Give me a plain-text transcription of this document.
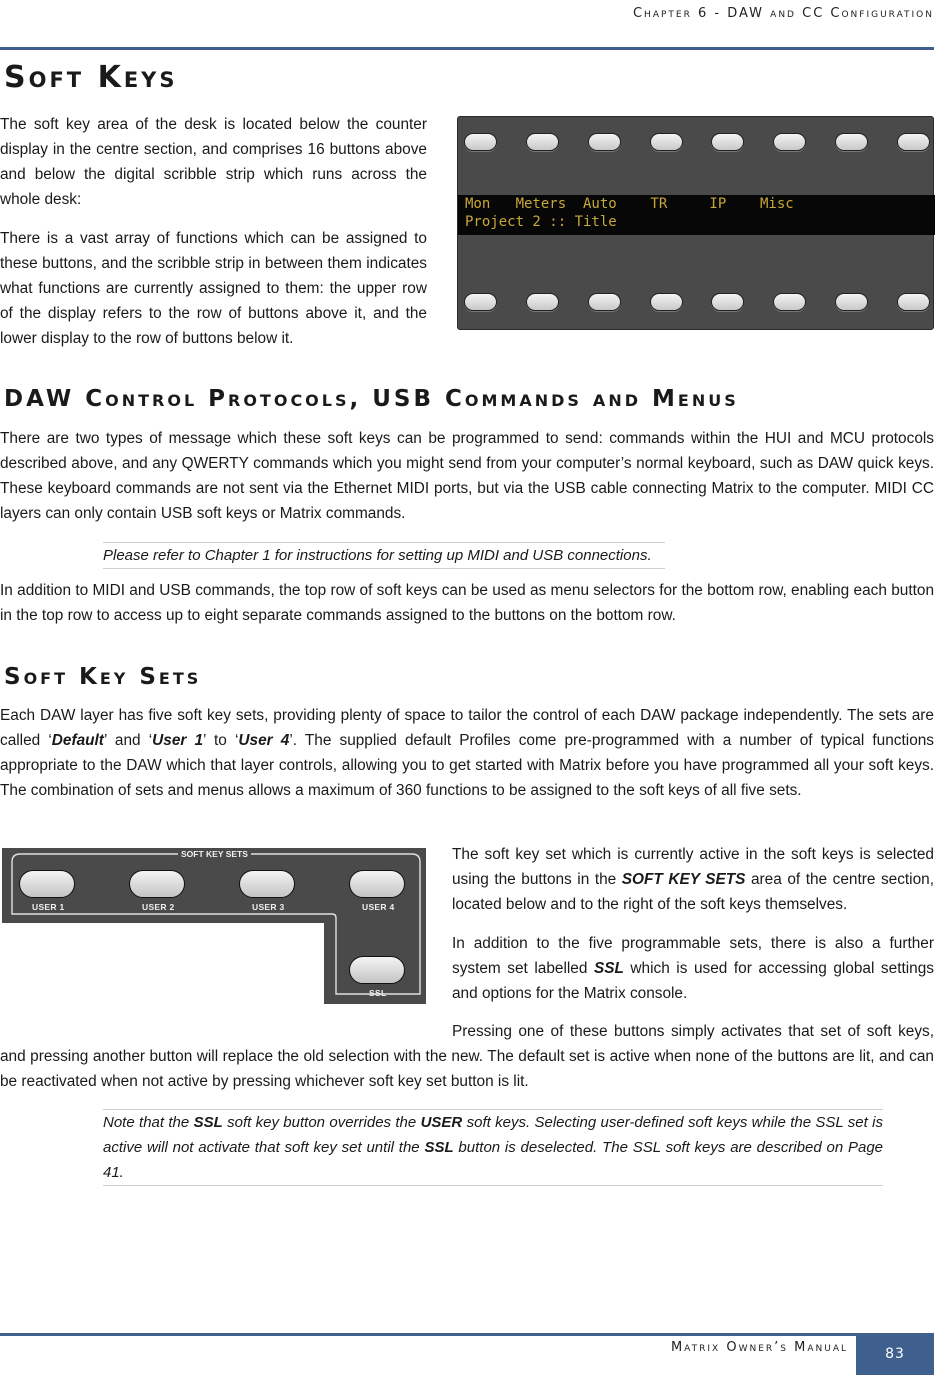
Chapter 6 - DAW and CC Configuration
Soft Keys

The soft key area of the desk is located below the counter display in the centre section, and comprises 16 buttons above and below the digital scribble strip which runs across the whole desk:

There is a vast array of functions which can be assigned to these buttons, and the scribble strip in between them indicates what functions are currently assigned to them: the upper row of the display refers to the row of buttons above it, and the lower display to the row of buttons below it.

Mon   Meters  Auto    TR     IP    Misc
Project 2 :: Title
DAW Control Protocols, USB Commands and Menus

There are two types of message which these soft keys can be programmed to send: commands within the HUI and MCU protocols described above, and any QWERTY commands which you might send from your computer’s normal keyboard, such as DAW quick keys. These keyboard commands are not sent via the Ethernet MIDI ports, but via the USB cable connecting Matrix to the computer. MIDI CC layers can only contain USB soft keys or Matrix commands.

Please refer to Chapter 1 for instructions for setting up MIDI and USB connections.

In addition to MIDI and USB commands, the top row of soft keys can be used as menu selectors for the bottom row, enabling each button in the top row to access up to eight separate commands assigned to the buttons on the bottom row.

Soft Key Sets

Each DAW layer has five soft key sets, providing plenty of space to tailor the control of each DAW package independently. The sets are called ‘Default’ and ‘User 1’ to ‘User 4’. The supplied default Profiles come pre-programmed with a number of typical functions appropriate to the DAW which that layer controls, allowing you to get started with Matrix before you have programmed all your soft keys. The combination of sets and menus allows a maximum of 360 functions to be assigned to the soft keys of all five sets.

SOFT KEY SETS
USER 1	USER 2	USER 3	USER 4
SSL

The soft key set which is currently active in the soft keys is selected using the buttons in the SOFT KEY SETS area of the centre section, located below and to the right of the soft keys themselves.

In addition to the five programmable sets, there is also a further system set labelled SSL which is used for accessing global settings and options for the Matrix console.

Pressing one of these buttons simply activates that set of soft keys, and pressing another button will replace the old selection with the new. The default set is active when none of the buttons are lit, and can be reactivated when not active by pressing whichever soft key set button is lit.

Note that the SSL soft key button overrides the USER soft keys. Selecting user-defined soft keys while the SSL set is active will not activate that soft key set until the SSL button is deselected. The SSL soft keys are described on Page 41.
Matrix Owner’s Manual	83
